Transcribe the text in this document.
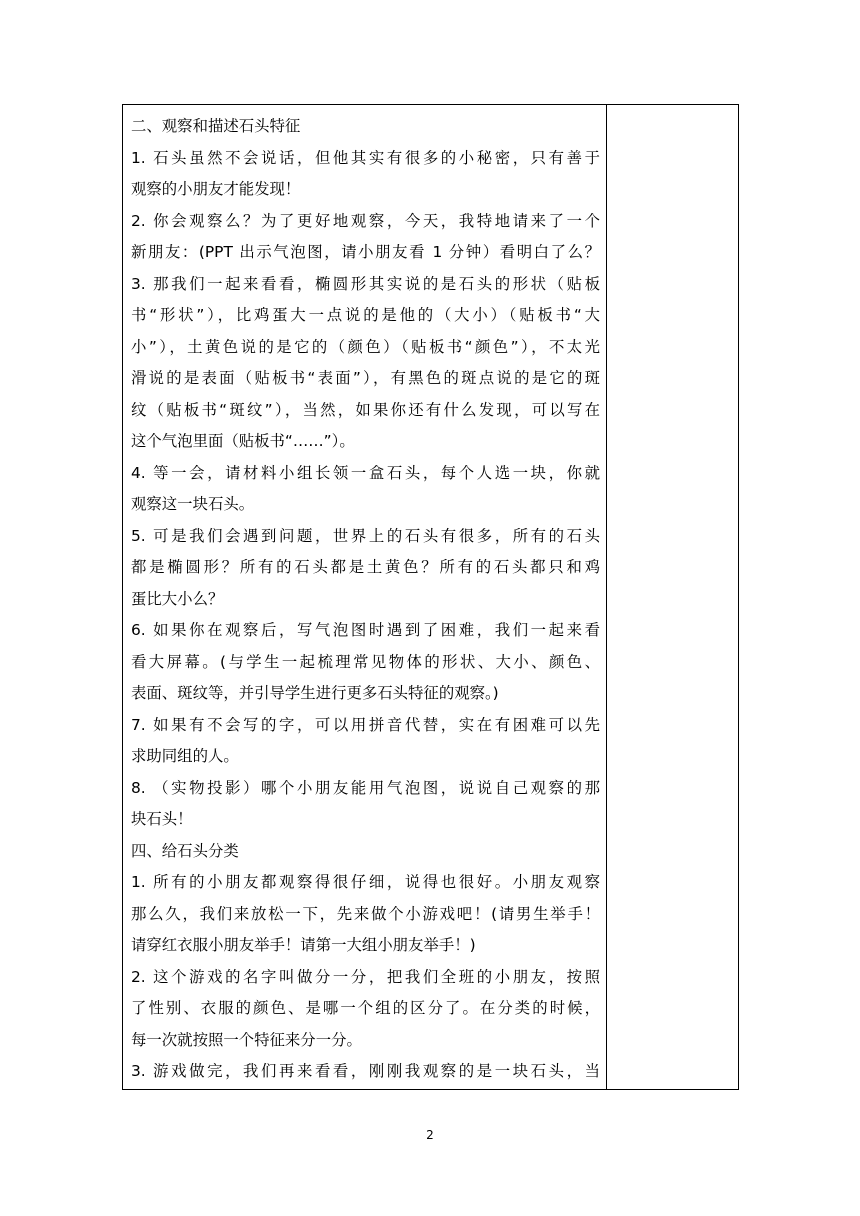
二、观察和描述石头特征
1. 石头虽然不会说话，但他其实有很多的小秘密，只有善于
观察的小朋友才能发现！
2. 你会观察么？为了更好地观察，今天，我特地请来了一个
新朋友：(PPT 出示气泡图，请小朋友看 1 分钟）看明白了么？
3. 那我们一起来看看，椭圆形其实说的是石头的形状（贴板
书“形状”），比鸡蛋大一点说的是他的（大小）（贴板书“大
小”），土黄色说的是它的（颜色）（贴板书“颜色”），不太光
滑说的是表面（贴板书“表面”），有黑色的斑点说的是它的斑
纹（贴板书“斑纹”），当然，如果你还有什么发现，可以写在
这个气泡里面（贴板书“……”）。
4. 等一会，请材料小组长领一盒石头，每个人选一块，你就
观察这一块石头。
5. 可是我们会遇到问题，世界上的石头有很多，所有的石头
都是椭圆形？所有的石头都是土黄色？所有的石头都只和鸡
蛋比大小么？
6. 如果你在观察后，写气泡图时遇到了困难，我们一起来看
看大屏幕。(与学生一起梳理常见物体的形状、大小、颜色、
表面、斑纹等，并引导学生进行更多石头特征的观察。)
7. 如果有不会写的字，可以用拼音代替，实在有困难可以先
求助同组的人。
8. （实物投影）哪个小朋友能用气泡图，说说自己观察的那
块石头！
四、给石头分类
1. 所有的小朋友都观察得很仔细，说得也很好。小朋友观察
那么久，我们来放松一下，先来做个小游戏吧！(请男生举手！
请穿红衣服小朋友举手！请第一大组小朋友举手！)
2. 这个游戏的名字叫做分一分，把我们全班的小朋友，按照
了性别、衣服的颜色、是哪一个组的区分了。在分类的时候，
每一次就按照一个特征来分一分。
3. 游戏做完，我们再来看看，刚刚我观察的是一块石头，当
2
